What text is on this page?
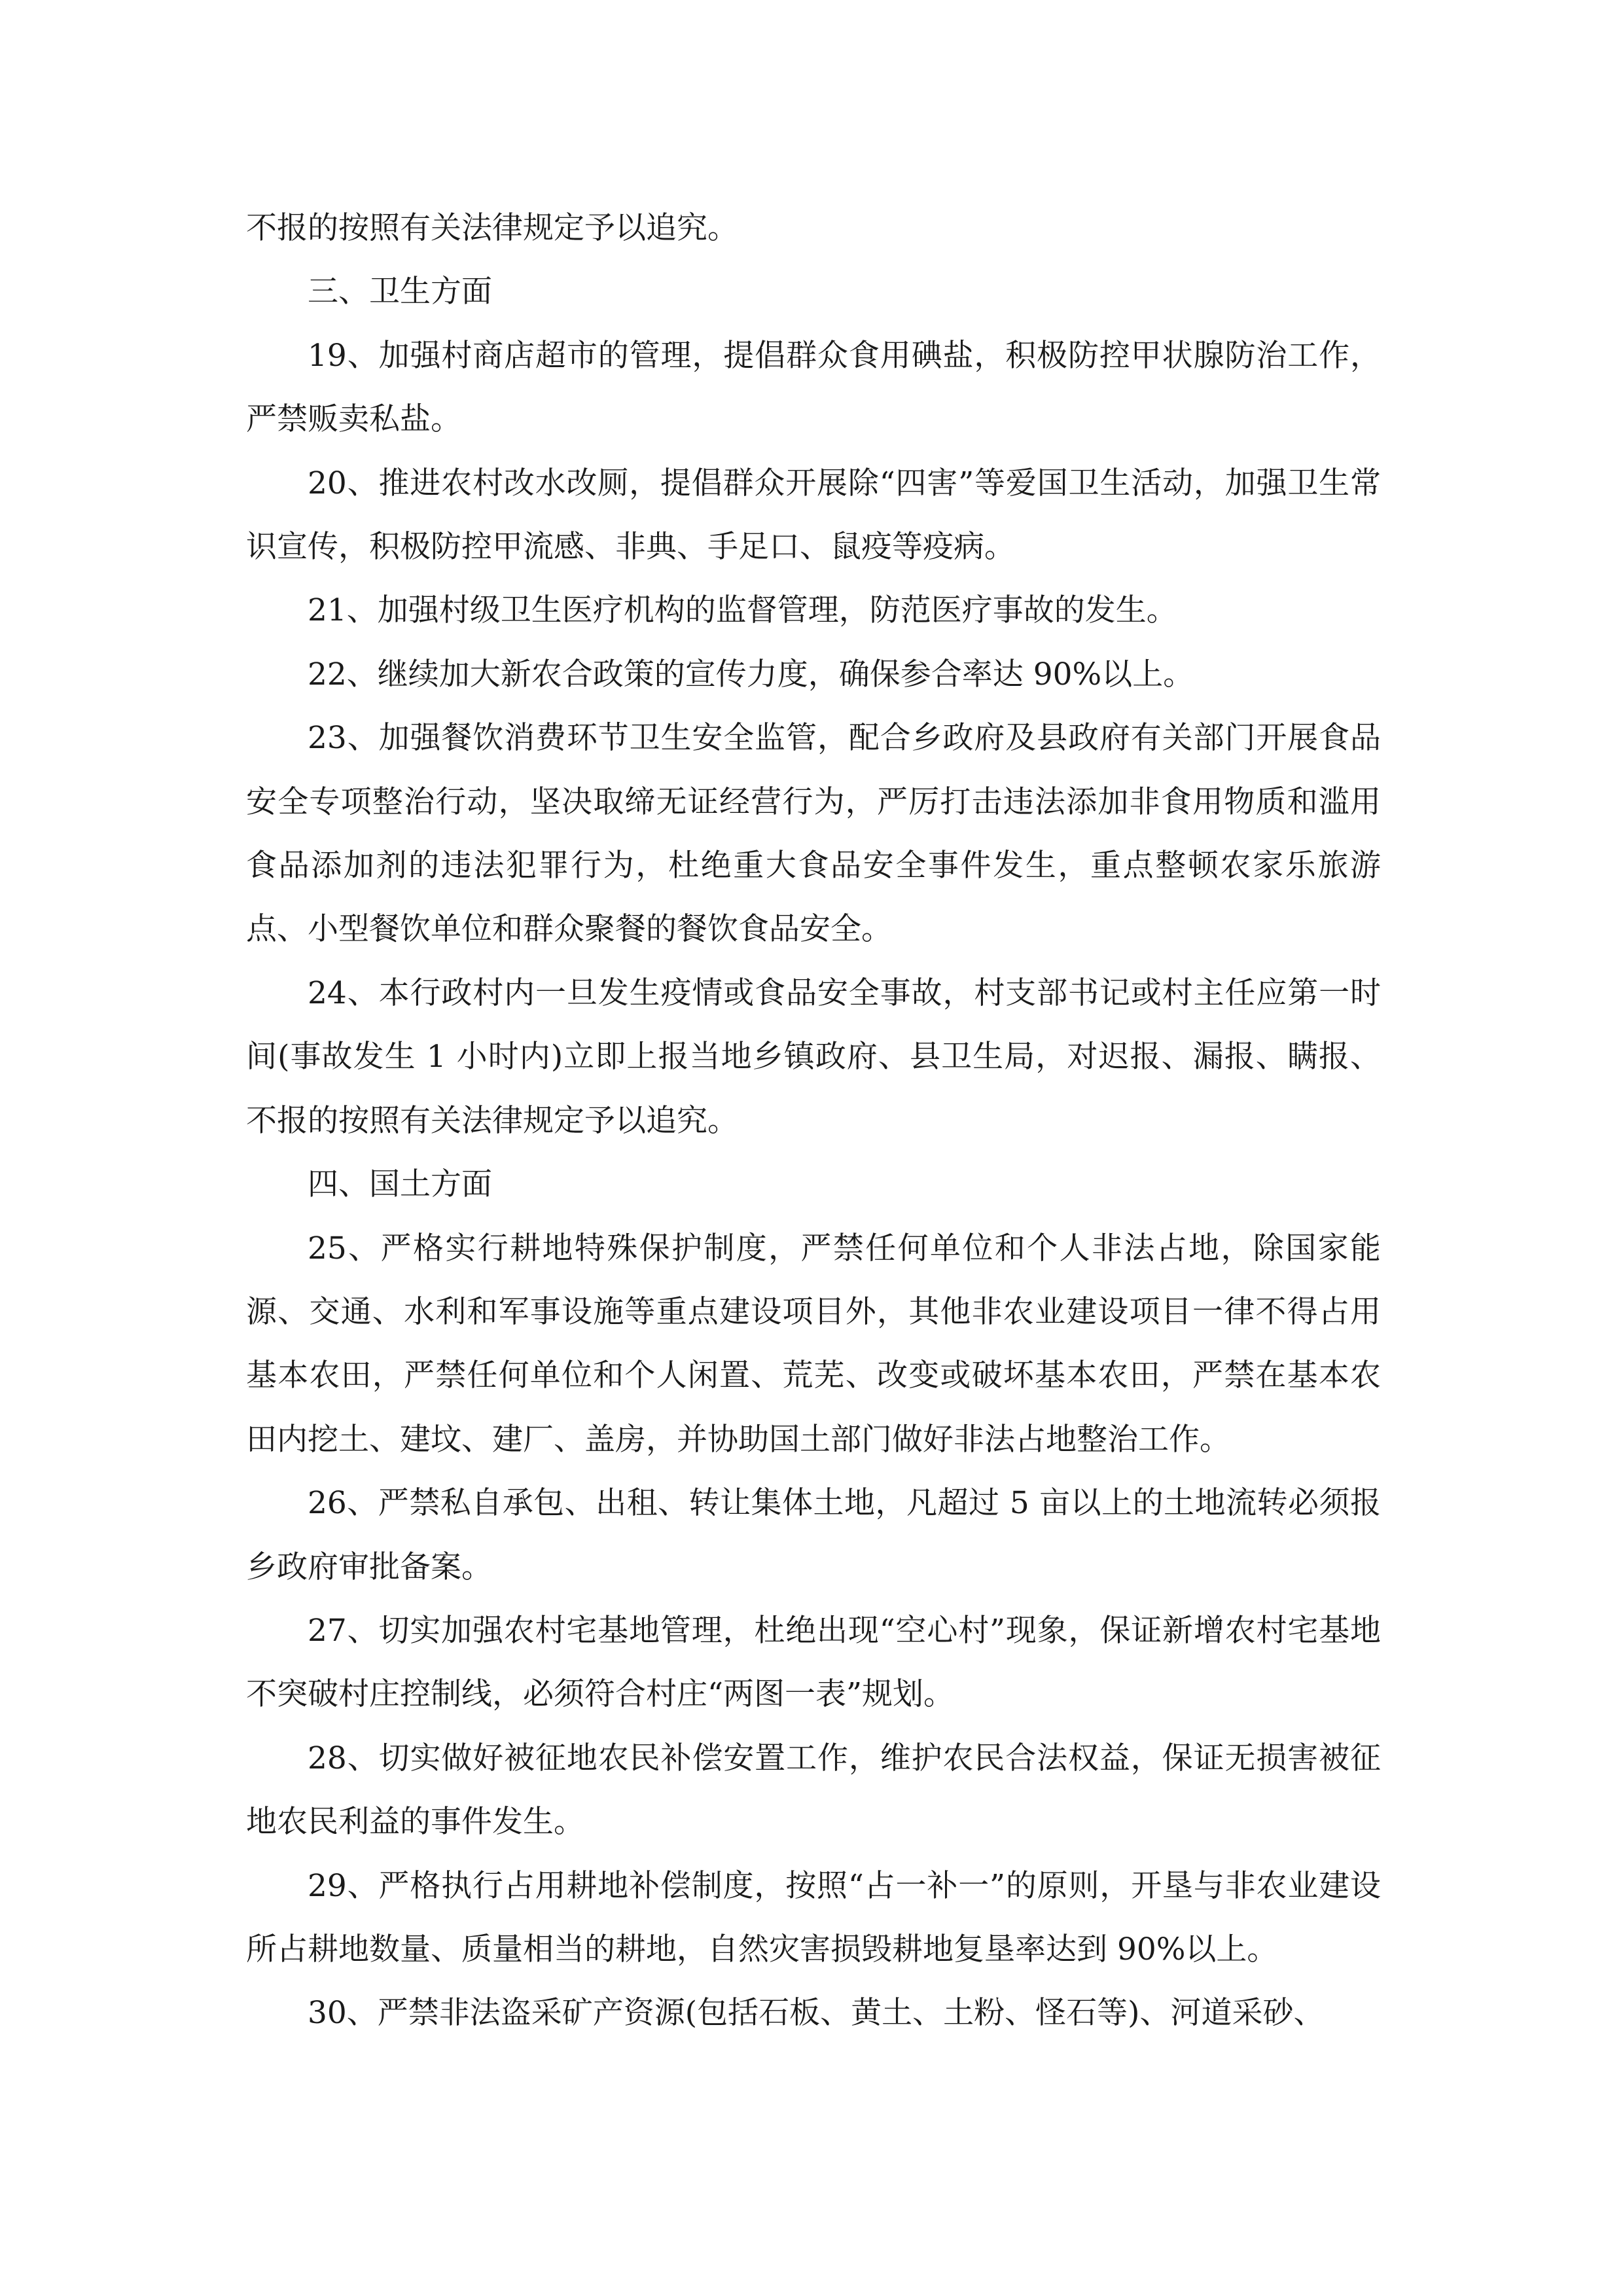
不报的按照有关法律规定予以追究。

三、卫生方面

19、加强村商店超市的管理，提倡群众食用碘盐，积极防控甲状腺防治工作，严禁贩卖私盐。

20、推进农村改水改厕，提倡群众开展除“四害”等爱国卫生活动，加强卫生常识宣传，积极防控甲流感、非典、手足口、鼠疫等疫病。

21、加强村级卫生医疗机构的监督管理，防范医疗事故的发生。

22、继续加大新农合政策的宣传力度，确保参合率达 90%以上。

23、加强餐饮消费环节卫生安全监管，配合乡政府及县政府有关部门开展食品安全专项整治行动，坚决取缔无证经营行为，严厉打击违法添加非食用物质和滥用食品添加剂的违法犯罪行为，杜绝重大食品安全事件发生，重点整顿农家乐旅游点、小型餐饮单位和群众聚餐的餐饮食品安全。

24、本行政村内一旦发生疫情或食品安全事故，村支部书记或村主任应第一时间(事故发生 1 小时内)立即上报当地乡镇政府、县卫生局，对迟报、漏报、瞒报、不报的按照有关法律规定予以追究。

四、国土方面

25、严格实行耕地特殊保护制度，严禁任何单位和个人非法占地，除国家能源、交通、水利和军事设施等重点建设项目外，其他非农业建设项目一律不得占用基本农田，严禁任何单位和个人闲置、荒芜、改变或破坏基本农田，严禁在基本农田内挖土、建坟、建厂、盖房，并协助国土部门做好非法占地整治工作。

26、严禁私自承包、出租、转让集体土地，凡超过 5 亩以上的土地流转必须报乡政府审批备案。

27、切实加强农村宅基地管理，杜绝出现“空心村”现象，保证新增农村宅基地不突破村庄控制线，必须符合村庄“两图一表”规划。

28、切实做好被征地农民补偿安置工作，维护农民合法权益，保证无损害被征地农民利益的事件发生。

29、严格执行占用耕地补偿制度，按照“占一补一”的原则，开垦与非农业建设所占耕地数量、质量相当的耕地，自然灾害损毁耕地复垦率达到 90%以上。

30、严禁非法盗采矿产资源(包括石板、黄土、土粉、怪石等)、河道采砂、
